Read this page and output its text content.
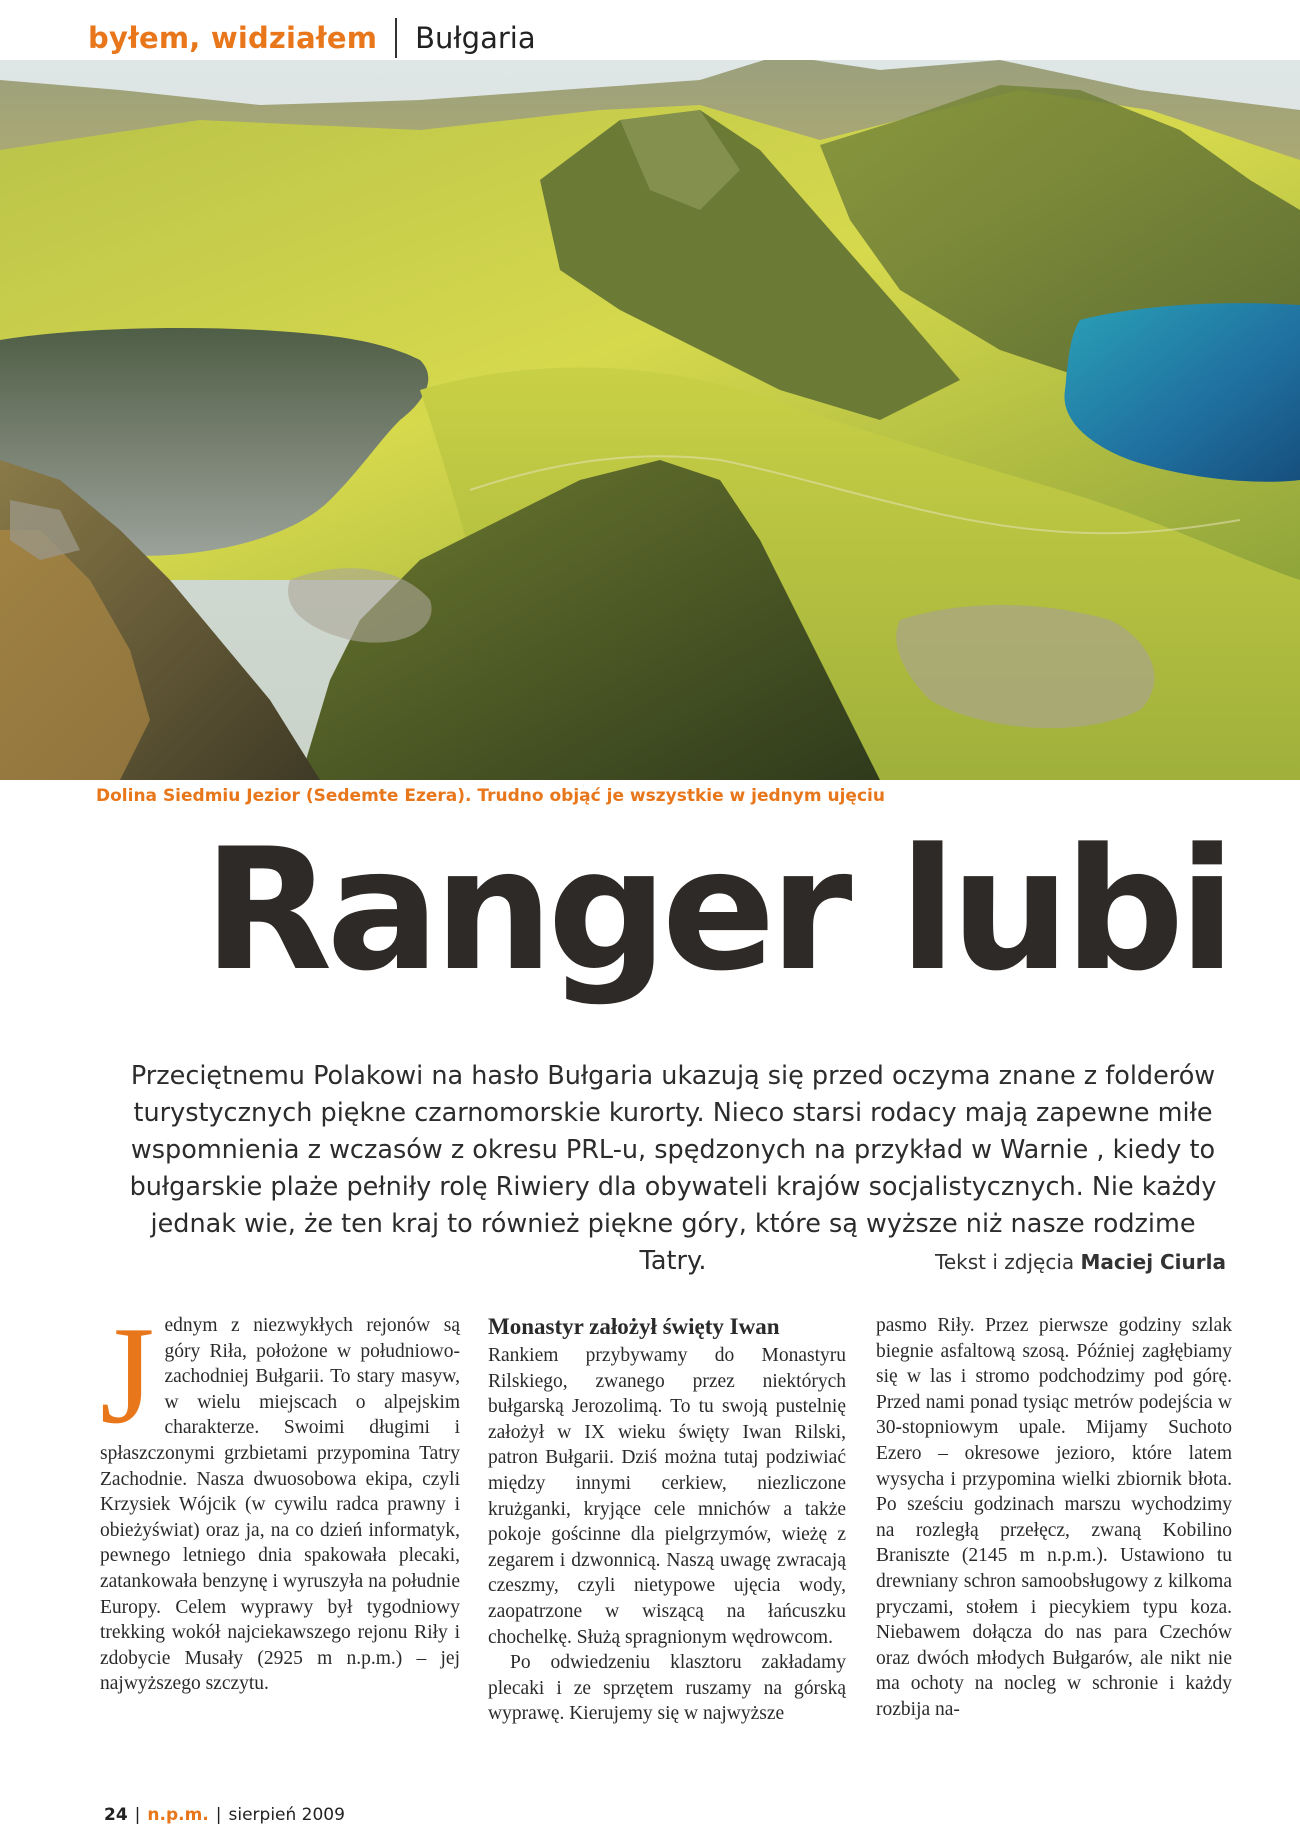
byłem, widziałem Bułgaria
Dolina Siedmiu Jezior (Sedemte Ezera). Trudno objąć je wszystkie w jednym ujęciu
Ranger lubi

Przeciętnemu Polakowi na hasło Bułgaria ukazują się przed oczyma znane z folderów turystycznych piękne czarnomorskie kurorty. Nieco starsi rodacy mają zapewne miłe wspomnienia z wczasów z okresu PRL-u, spędzonych na przykład w Warnie , kiedy to bułgarskie plaże pełniły rolę Riwiery dla obywateli krajów socjalistycznych. Nie każdy jednak wie, że ten kraj to również piękne góry, które są wyższe niż nasze rodzime Tatry.	Tekst i zdjęcia Maciej Ciurla
J ednym z niezwykłych rejonów są góry Riła, położone w południowo-zachodniej Bułgarii. To stary masyw, w wielu miejscach o alpejskim charakterze. Swoimi długimi i spłaszczonymi grzbietami przypomina Tatry Zachodnie. Nasza dwuosobowa ekipa, czyli Krzysiek Wójcik (w cywilu radca prawny i obieżyświat) oraz ja, na co dzień informatyk, pewnego letniego dnia spakowała plecaki, zatankowała benzynę i wyruszyła na południe Europy. Celem wyprawy był tygodniowy trekking wokół najciekawszego rejonu Riły i zdobycie Musały (2925 m n.p.m.) – jej najwyższego szczytu.

Monastyr założył święty Iwan

Rankiem przybywamy do Monastyru Rilskiego, zwanego przez niektórych bułgarską Jerozolimą. To tu swoją pustelnię założył w IX wieku święty Iwan Rilski, patron Bułgarii. Dziś można tutaj podziwiać między innymi cerkiew, niezliczone krużganki, kryjące cele mnichów a także pokoje gościnne dla pielgrzymów, wieżę z zegarem i dzwonnicą. Naszą uwagę zwracają czeszmy, czyli nietypowe ujęcia wody, zaopatrzone w wiszącą na łańcuszku chochelkę. Służą spragnionym wędrowcom.

Po odwiedzeniu klasztoru zakładamy plecaki i ze sprzętem ruszamy na górską wyprawę. Kierujemy się w najwyższe

pasmo Riły. Przez pierwsze godziny szlak biegnie asfaltową szosą. Później zagłębiamy się w las i stromo podchodzimy pod górę. Przed nami ponad tysiąc metrów podejścia w 30-stopniowym upale. Mijamy Suchoto Ezero – okresowe jezioro, które latem wysycha i przypomina wielki zbiornik błota. Po sześciu godzinach marszu wychodzimy na rozległą przełęcz, zwaną Kobilino Braniszte (2145 m n.p.m.). Ustawiono tu drewniany schron samoobsługowy z kilkoma pryczami, stołem i piecykiem typu koza. Niebawem dołącza do nas para Czechów oraz dwóch młodych Bułgarów, ale nikt nie ma ochoty na nocleg w schronie i każdy rozbija na-

24 | n.p.m. | sierpień 2009
